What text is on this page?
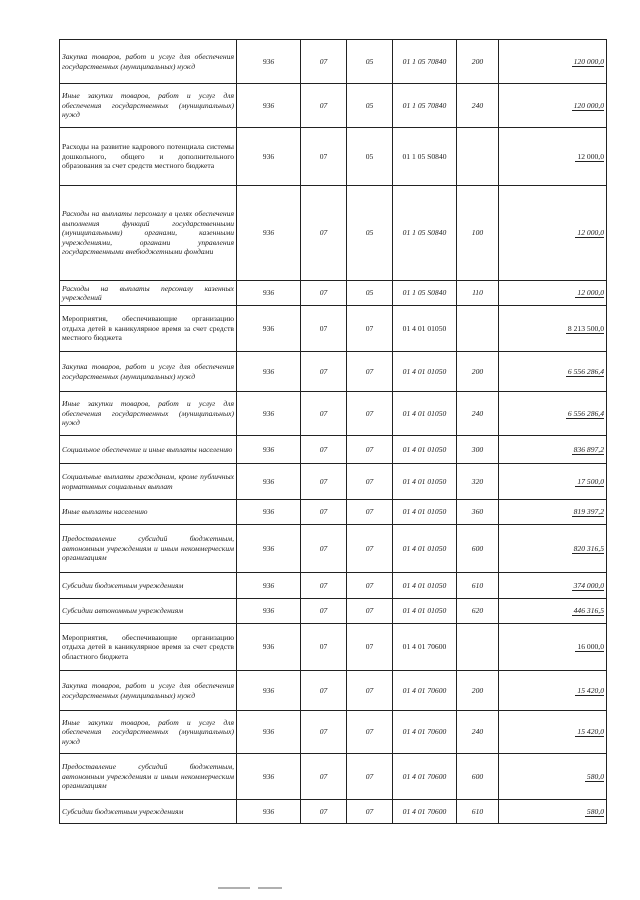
Закупка товаров, работ и услуг для обеспечения государственных (муниципальных) нужд	936	07	05	01 1 05 70840	200	120 000,0
Иные закупки товаров, работ и услуг для обеспечения государственных (муниципальных) нужд	936	07	05	01 1 05 70840	240	120 000,0
Расходы на развитие кадрового потенциала системы дошкольного, общего и дополнительного образования за счет средств местного бюджета	936	07	05	01 1 05 S0840		12 000,0
Расходы на выплаты персоналу в целях обеспечения выполнения функций государственными (муниципальными) органами, казенными учреждениями, органами управления государственными внебюджетными фондами	936	07	05	01 1 05 S0840	100	12 000,0
Расходы на выплаты персоналу казенных учреждений	936	07	05	01 1 05 S0840	110	12 000,0
Мероприятия, обеспечивающие организацию отдыха детей в каникулярное время за счет средств местного бюджета	936	07	07	01 4 01 01050		8 213 500,0
Закупка товаров, работ и услуг для обеспечения государственных (муниципальных) нужд	936	07	07	01 4 01 01050	200	6 556 286,4
Иные закупки товаров, работ и услуг для обеспечения государственных (муниципальных) нужд	936	07	07	01 4 01 01050	240	6 556 286,4
Социальное обеспечение и иные выплаты населению	936	07	07	01 4 01 01050	300	836 897,2
Социальные выплаты гражданам, кроме публичных нормативных социальных выплат	936	07	07	01 4 01 01050	320	17 500,0
Иные выплаты населению	936	07	07	01 4 01 01050	360	819 397,2
Предоставление субсидий бюджетным, автономным учреждениям и иным некоммерческим организациям	936	07	07	01 4 01 01050	600	820 316,5
Субсидии бюджетным учреждениям	936	07	07	01 4 01 01050	610	374 000,0
Субсидии автономным учреждениям	936	07	07	01 4 01 01050	620	446 316,5
Мероприятия, обеспечивающие организацию отдыха детей в каникулярное время за счет средств областного бюджета	936	07	07	01 4 01 70600		16 000,0
Закупка товаров, работ и услуг для обеспечения государственных (муниципальных) нужд	936	07	07	01 4 01 70600	200	15 420,0
Иные закупки товаров, работ и услуг для обеспечения государственных (муниципальных) нужд	936	07	07	01 4 01 70600	240	15 420,0
Предоставление субсидий бюджетным, автономным учреждениям и иным некоммерческим организациям	936	07	07	01 4 01 70600	600	580,0
Субсидии бюджетным учреждениям	936	07	07	01 4 01 70600	610	580,0
